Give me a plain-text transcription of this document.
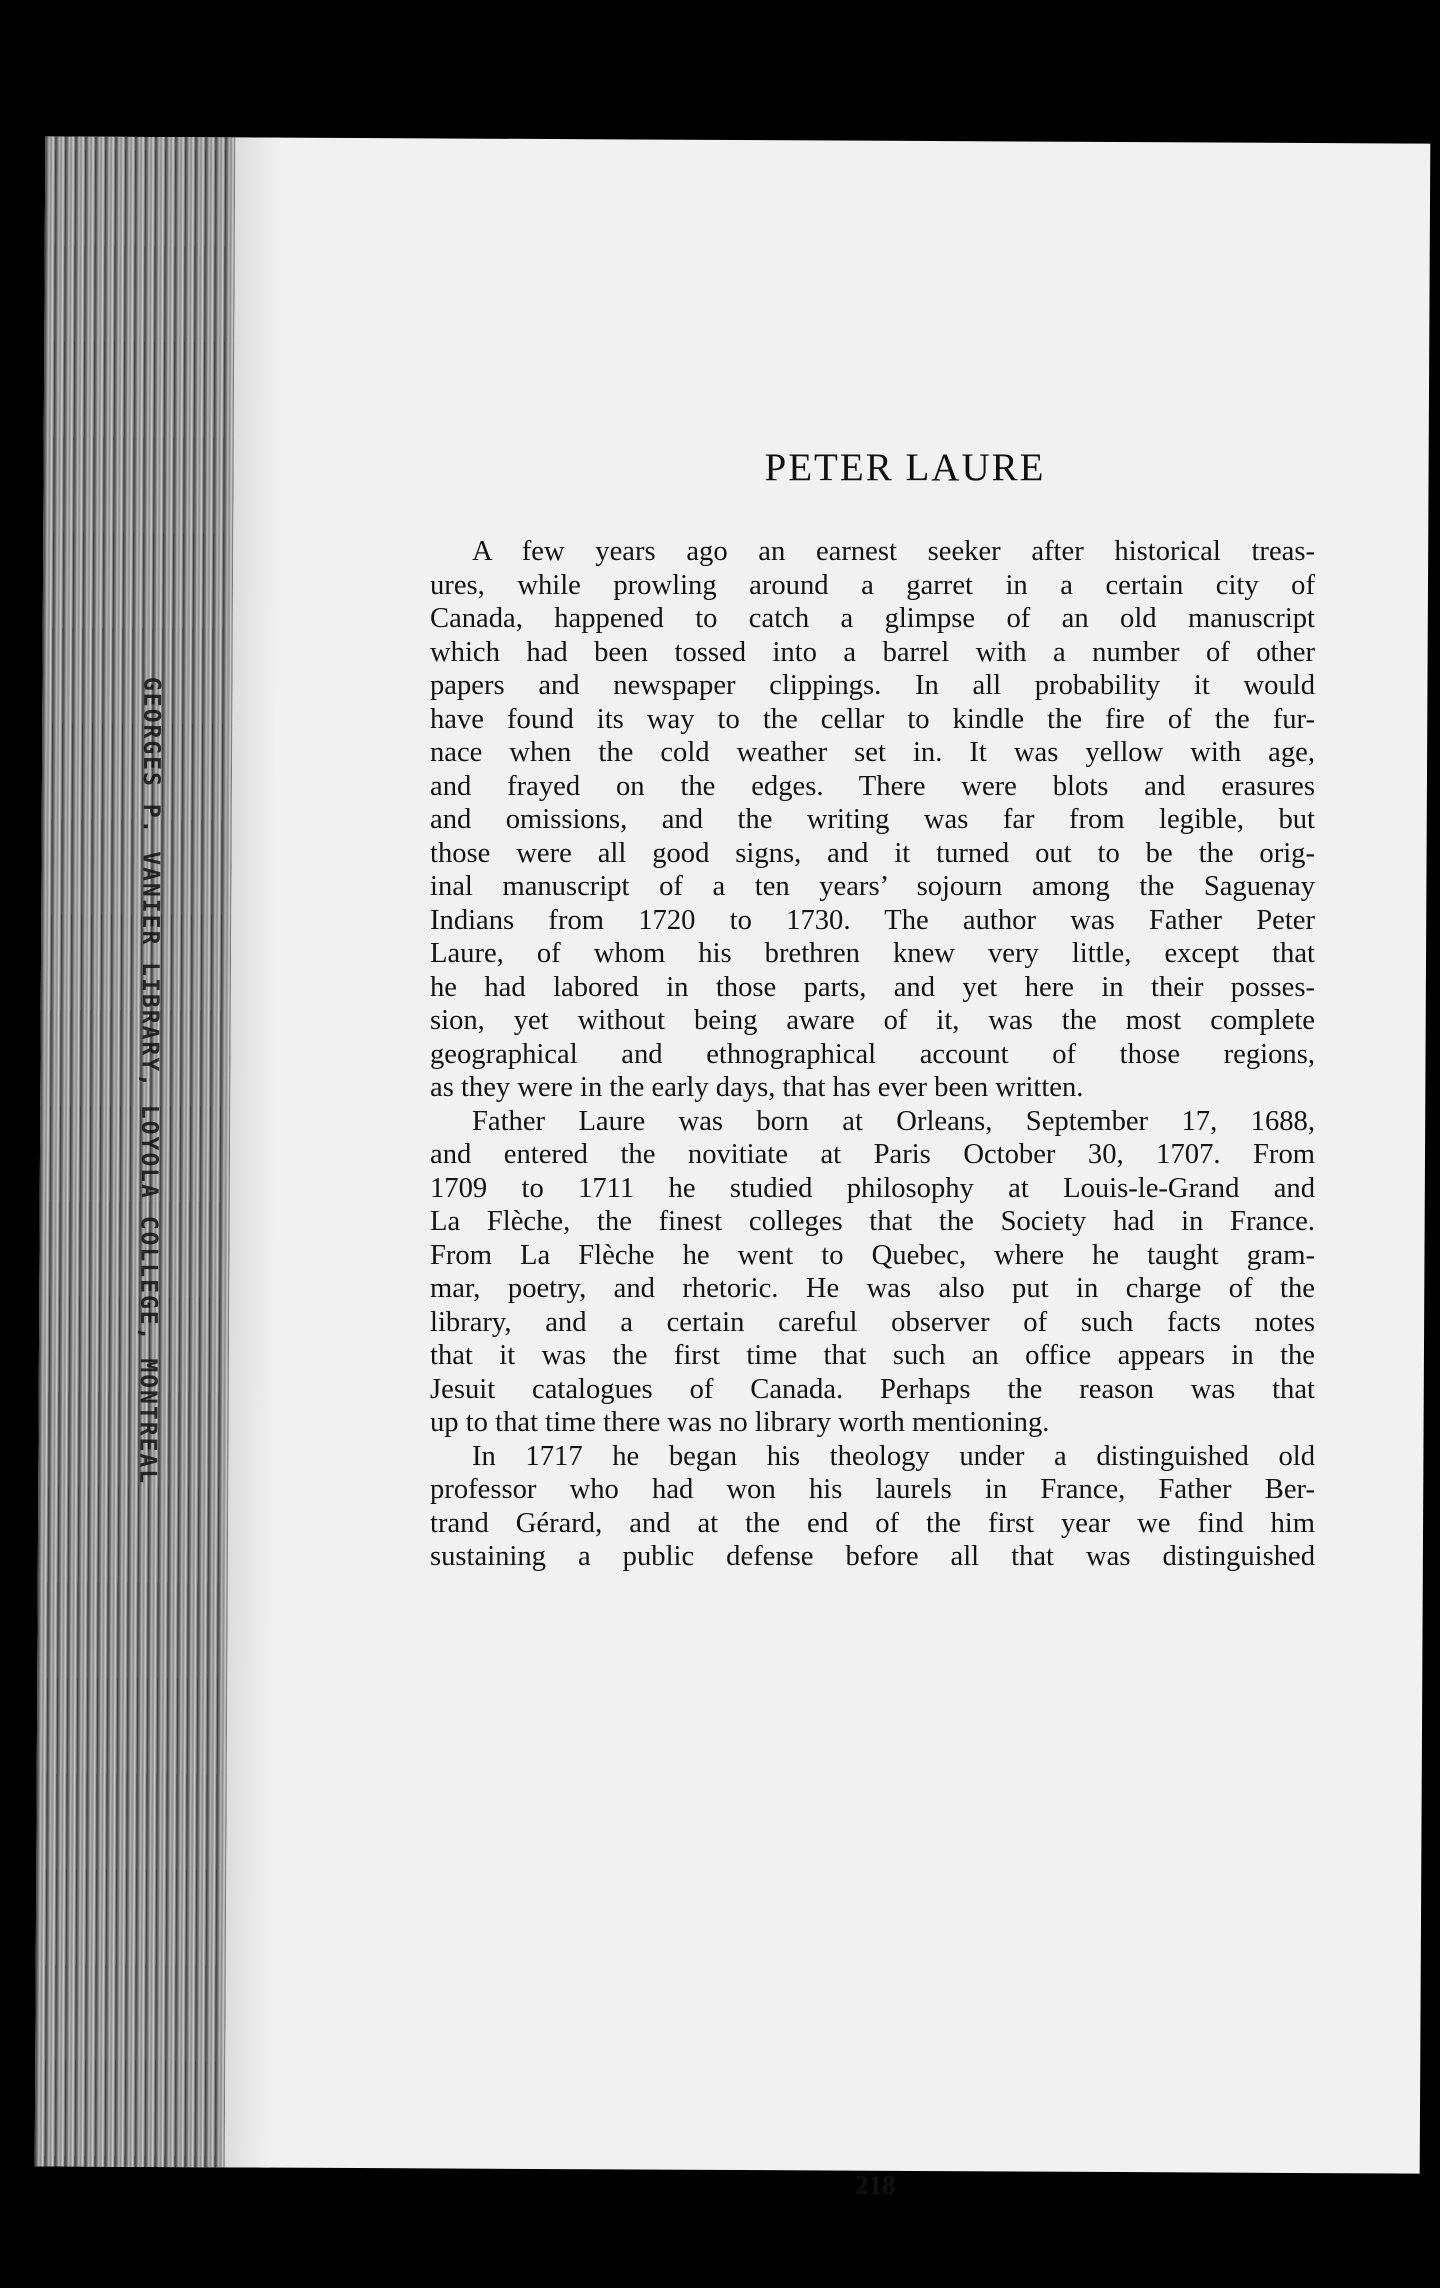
GEORGES P. VANIER LIBRARY, LOYOLA COLLEGE, MONTREAL
PETER LAURE
A few years ago an earnest seeker after historical treas-
ures, while prowling around a garret in a certain city of
Canada, happened to catch a glimpse of an old manuscript
which had been tossed into a barrel with a number of other
papers and newspaper clippings. In all probability it would
have found its way to the cellar to kindle the fire of the fur-
nace when the cold weather set in. It was yellow with age,
and frayed on the edges. There were blots and erasures
and omissions, and the writing was far from legible, but
those were all good signs, and it turned out to be the orig-
inal manuscript of a ten years’ sojourn among the Saguenay
Indians from 1720 to 1730. The author was Father Peter
Laure, of whom his brethren knew very little, except that
he had labored in those parts, and yet here in their posses-
sion, yet without being aware of it, was the most complete
geographical and ethnographical account of those regions,
as they were in the early days, that has ever been written.
Father Laure was born at Orleans, September 17, 1688,
and entered the novitiate at Paris October 30, 1707. From
1709 to 1711 he studied philosophy at Louis-le-Grand and
La Flèche, the finest colleges that the Society had in France.
From La Flèche he went to Quebec, where he taught gram-
mar, poetry, and rhetoric. He was also put in charge of the
library, and a certain careful observer of such facts notes
that it was the first time that such an office appears in the
Jesuit catalogues of Canada. Perhaps the reason was that
up to that time there was no library worth mentioning.
In 1717 he began his theology under a distinguished old
professor who had won his laurels in France, Father Ber-
trand Gérard, and at the end of the first year we find him
sustaining a public defense before all that was distinguished
218
